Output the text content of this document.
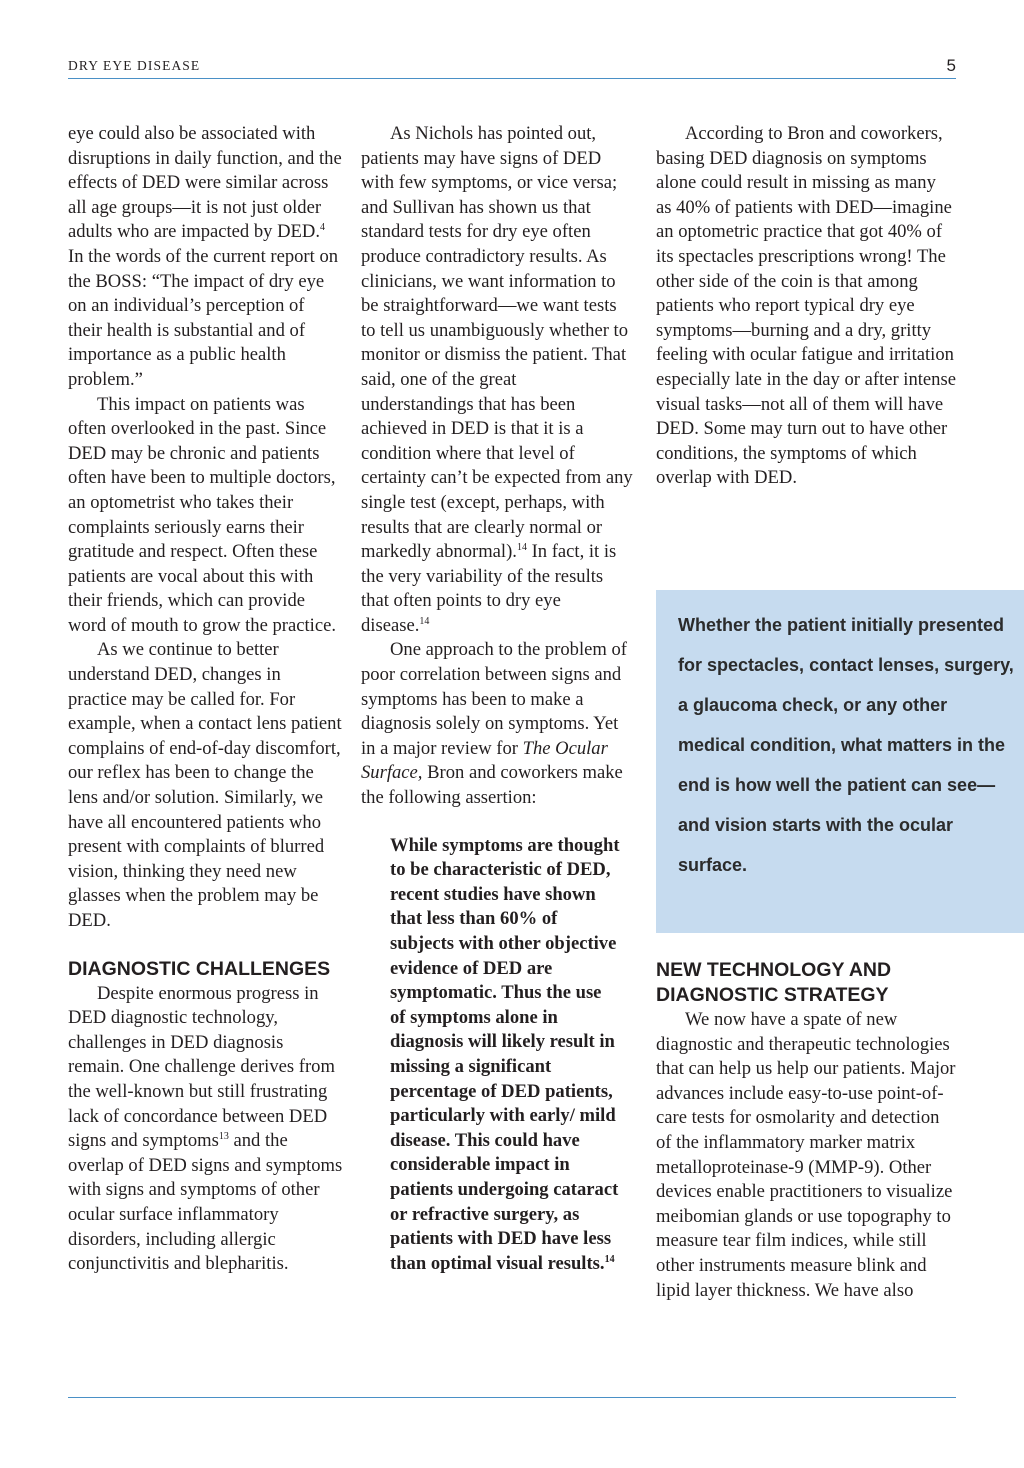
DRY EYE DISEASE	5

eye could also be associated with disruptions in daily function, and the effects of DED were similar across all age groups—it is not just older adults who are impacted by DED.$^4$ In the words of the current report on the BOSS: “The impact of dry eye on an individual’s perception of their health is substantial and of importance as a public health problem.”

This impact on patients was often overlooked in the past. Since DED may be chronic and patients often have been to multiple doctors, an optometrist who takes their complaints seriously earns their gratitude and respect. Often these patients are vocal about this with their friends, which can provide word of mouth to grow the practice.

As we continue to better understand DED, changes in practice may be called for. For example, when a contact lens patient complains of end-of-day discomfort, our reflex has been to change the lens and/or solution. Similarly, we have all encountered patients who present with complaints of blurred vision, thinking they need new glasses when the problem may be DED.

DIAGNOSTIC CHALLENGES

Despite enormous progress in DED diagnostic technology, challenges in DED diagnosis remain. One challenge derives from the well-known but still frustrating lack of concordance between DED signs and symptoms$^{13}$ and the overlap of DED signs and symptoms with signs and symptoms of other ocular surface inflammatory disorders, including allergic conjunctivitis and blepharitis.

As Nichols has pointed out, patients may have signs of DED with few symptoms, or vice versa; and Sullivan has shown us that standard tests for dry eye often produce contradictory results. As clinicians, we want information to be straightforward—we want tests to tell us unambiguously whether to monitor or dismiss the patient. That said, one of the great understandings that has been achieved in DED is that it is a condition where that level of certainty can’t be expected from any single test (except, perhaps, with results that are clearly normal or markedly abnormal).$^{14}$ In fact, it is the very variability of the results that often points to dry eye disease.$^{14}$

One approach to the problem of poor correlation between signs and symptoms has been to make a diagnosis solely on symptoms. Yet in a major review for The Ocular Surface, Bron and coworkers make the following assertion:

While symptoms are thought to be characteristic of DED, recent studies have shown that less than 60% of subjects with other objective evidence of DED are symptomatic. Thus the use of symptoms alone in diagnosis will likely result in missing a significant percentage of DED patients, particularly with early/ mild disease. This could have considerable impact in patients undergoing cataract or refractive surgery, as patients with DED have less than optimal visual results.$^{14}$

According to Bron and coworkers, basing DED diagnosis on symptoms alone could result in missing as many as 40% of patients with DED—imagine an optometric practice that got 40% of its spectacles prescriptions wrong! The other side of the coin is that among patients who report typical dry eye symptoms—burning and a dry, gritty feeling with ocular fatigue and irritation especially late in the day or after intense visual tasks—not all of them will have DED. Some may turn out to have other conditions, the symptoms of which overlap with DED.

Whether the patient initially presented for spectacles, contact lenses, surgery, a glaucoma check, or any other medical condition, what matters in the end is how well the patient can see—and vision starts with the ocular surface.
NEW TECHNOLOGY AND DIAGNOSTIC STRATEGY

We now have a spate of new diagnostic and therapeutic technologies that can help us help our patients. Major advances include easy-to-use point-of-care tests for osmolarity and detection of the inflammatory marker matrix metalloproteinase-9 (MMP-9). Other devices enable practitioners to visualize meibomian glands or use topography to measure tear film indices, while still other instruments measure blink and lipid layer thickness. We have also
